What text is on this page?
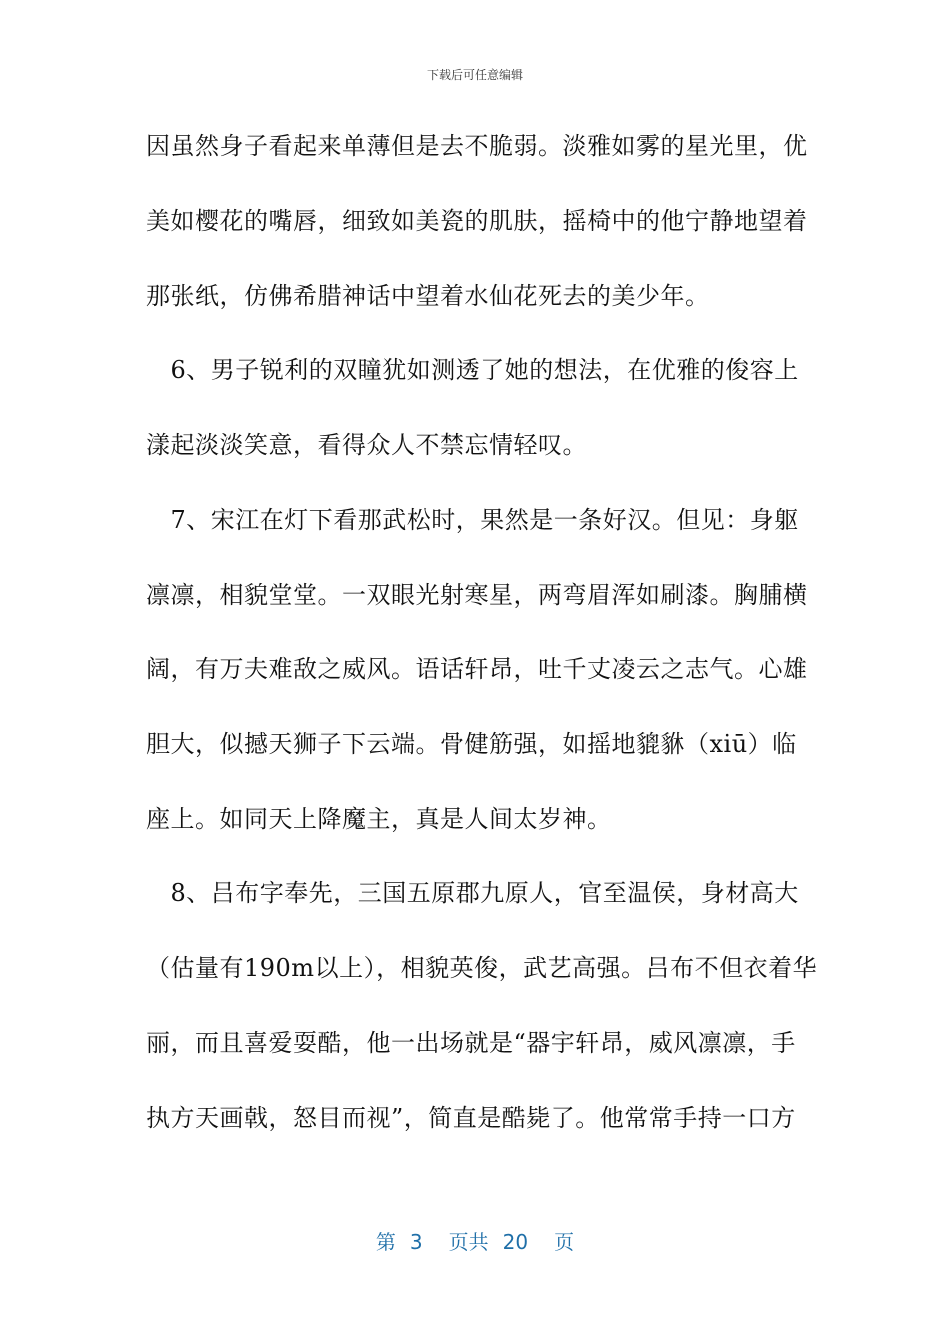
下载后可任意编辑
因虽然身子看起来单薄但是去不脆弱。淡雅如雾的星光里，优
美如樱花的嘴唇，细致如美瓷的肌肤，摇椅中的他宁静地望着
那张纸，仿佛希腊神话中望着水仙花死去的美少年。
　6、男子锐利的双瞳犹如测透了她的想法，在优雅的俊容上
漾起淡淡笑意，看得众人不禁忘情轻叹。
　7、宋江在灯下看那武松时，果然是一条好汉。但见：身躯
凛凛，相貌堂堂。一双眼光射寒星，两弯眉浑如刷漆。胸脯横
阔，有万夫难敌之威风。语话轩昂，吐千丈凌云之志气。心雄
胆大，似撼天狮子下云端。骨健筋强，如摇地貔貅（xiū）临
座上。如同天上降魔主，真是人间太岁神。
　8、吕布字奉先，三国五原郡九原人，官至温侯，身材高大
（估量有190m以上），相貌英俊，武艺高强。吕布不但衣着华
丽，而且喜爱耍酷，他一出场就是“器宇轩昂，威风凛凛，手
执方天画戟，怒目而视”，简直是酷毙了。他常常手持一口方
第 3 页共 20 页
